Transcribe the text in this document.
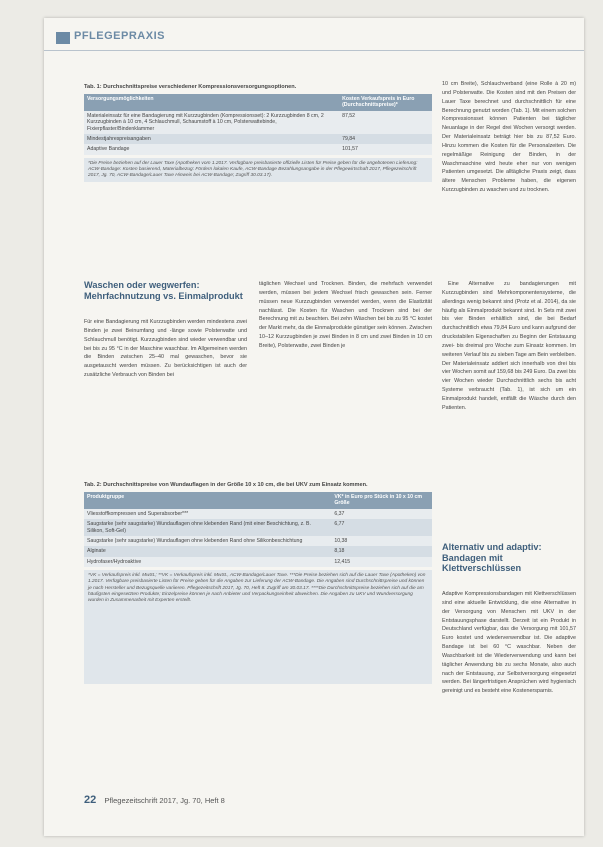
PFLEGEPRAXIS
Tab. 1: Durchschnittspreise verschiedener Kompressionsversorgungsoptionen.
Versorgungsmöglichkeiten	Kosten Verkaufspreis in Euro (Durchschnittspreise)*
Materialeinsatz für eine Bandagierung mit Kurzzugbinden (Kompressionsset): 2 Kurzzugbinden 8 cm, 2 Kurzzugbinden à 10 cm, 4 Schlauchmull, Schaumstoff à 10 cm, Polsterwattebinde, Fixierpflaster/Bindenklammer	87,52
Mindestjahrespreisangaben	79,84
Adaptive Bandage	101,57
*Die Preise beziehen auf der Lauer Taxe (Apotheken vom 1.2017. Verfügbare preisbasierte offizielle Listen für Preise geben für die angebotenen Lieferung: ACW-Bandage: Kosten basierend, Materialbezug: Fördern lokalen Kaufe, ACW-Bandage Bezahlungsangabe in der Pflegewirtschaft 2017, Pflegezeitschrift 2017, Jg. 70, ACW-Bandage/Lauer Taxe Hinweis bei ACW-Bandage; Zugriff 30.03.17).
Waschen oder wegwerfen: Mehrfachnutzung vs. Einmalprodukt
Für eine Bandagierung mit Kurzzugbinden werden mindestens zwei Binden je zwei Beinumfang und -länge sowie Polsterwatte und Schlauchmull benötigt. Kurzzugbinden sind wieder verwendbar und bei bis zu 95 °C in der Maschine waschbar. Im Allgemeinen werden die Binden zwischen 25–40 mal gewaschen, bevor sie ausgetauscht werden müssen. Zu berücksichtigen ist auch der zusätzliche Verbrauch von Binden bei
täglichen Wechsel und Trocknen. Binden, die mehrfach verwendet werden, müssen bei jedem Wechsel frisch gewaschen sein. Ferner müssen neue Kurzzugbinden verwendet werden, wenn die Elastizität nachlässt. Die Kosten für Waschen und Trocknen sind bei der Berechnung mit zu beachten. Bei zehn Wäschen bei bis zu 95 °C kostet der Markt mehr, da die Einmalprodukte günstiger sein können. Zwischen 10–12 Kurzzugbinden je zwei Binden in 8 cm und zwei Binden in 10 cm Breite), Polsterwatte, zwei Binden je
Tab. 2: Durchschnittspreise von Wundauflagen in der Größe 10 x 10 cm, die bei UKV zum Einsatz kommen.
Produktgruppe	VK* in Euro pro Stück in 10 x 10 cm Größe
Vliesstoffkompressen und Superabsorber***	6,37
Saugstarke (sehr saugstarke) Wundauflagen ohne klebenden Rand (mit einer Beschichtung, z. B. Silikon, Soft-Gel)	6,77
Saugstarke (sehr saugstarke) Wundauflagen ohne klebenden Rand ohne Silikonbeschichtung	10,38
Alginate	8,18
Hydrofaser/Hydroaktive	12,415
*VK = Verkaufspreis inkl. MwSt.; **VK = Verkaufspreis inkl. MwSt., ACW-Bandage/Lauer Taxe. ***Die Preise beziehen sich auf die Lauer Taxe (Apotheken) von 1.2017. Verfügbare preisbasierte Listen für Preise geben für die Angaben zur Lieferung der ACW-Bandage. Die Angaben sind Durchschnittspreise und können je nach Hersteller und Bezugsquelle variieren. Pflegezeitschrift 2017, Jg. 70, Heft 8. Zugriff am 30.03.17. ****Die Durchschnittspreise beziehen sich auf die am häufigsten eingesetzten Produkte; Einzelpreise können je nach Anbieter und Verpackungseinheit abweichen. Die Angaben zu UKV und Wundversorgung wurden in Zusammenarbeit mit Experten erstellt.
10 cm Breite), Schlauchverband (eine Rolle à 20 m) und Polsterwatte. Die Kosten sind mit den Preisen der Lauer Taxe berechnet und durchschnittlich für eine Berechnung genutzt worden (Tab. 1). Mit einem solchen Kompressionsset können Patienten bei täglicher Neuanlage in der Regel drei Wochen versorgt werden. Der Materialeinsatz beträgt hier bis zu 87,52 Euro. Hinzu kommen die Kosten für die Personalzeiten. Die regelmäßige Reinigung der Binden, in der Waschmaschine wird heute eher nur von wenigen Patienten umgesetzt. Die alltägliche Praxis zeigt, dass ältere Menschen Probleme haben, die eigenen Kurzzugbinden zu waschen und zu trocknen.
Eine Alternative zu bandagierungen mit Kurzzugbinden sind Mehrkomponentensysteme, die allerdings wenig bekannt sind (Protz et al. 2014), da sie häufig als Einmalprodukt bekannt sind. In Sets mit zwei bis vier Binden erhältlich sind, die bei Bedarf durchschnittlich etwa 79,84 Euro und kann aufgrund der druckstabilen Eigenschaften zu Beginn der Entstauung zwei- bis dreimal pro Woche zum Einsatz kommen. Im weiteren Verlauf bis zu sieben Tage am Bein verbleiben. Der Materialeinsatz addiert sich innerhalb von drei bis vier Wochen somit auf 159,68 bis 249 Euro. Da zwei bis vier Wochen wieder Durchschnittlich sechs bis acht Systeme verbraucht (Tab. 1), ist sich um ein Einmalprodukt handelt, entfällt die Wäsche durch den Patienten.
Alternativ und adaptiv: Bandagen mit Klettverschlüssen
Adaptive Kompressionsbandagen mit Klettverschlüssen sind eine aktuelle Entwicklung, die eine Alternative in der Versorgung von Menschen mit UKV in der Entstauungsphase darstellt. Derzeit ist ein Produkt in Deutschland verfügbar, das die Versorgung mit 101,57 Euro kostet und wiederverwendbar ist. Die adaptive Bandage ist bei 60 °C waschbar. Neben der Waschbarkeit ist die Wiederverwendung und kann bei täglicher Anwendung bis zu sechs Monate, also auch nach der Entstauung, zur Selbstversorgung eingesetzt werden. Bei längerfristigen Ansprüchen wird hygienisch gereinigt und es besteht eine Kostenersparnis.
22 Pflegezeitschrift 2017, Jg. 70, Heft 8
